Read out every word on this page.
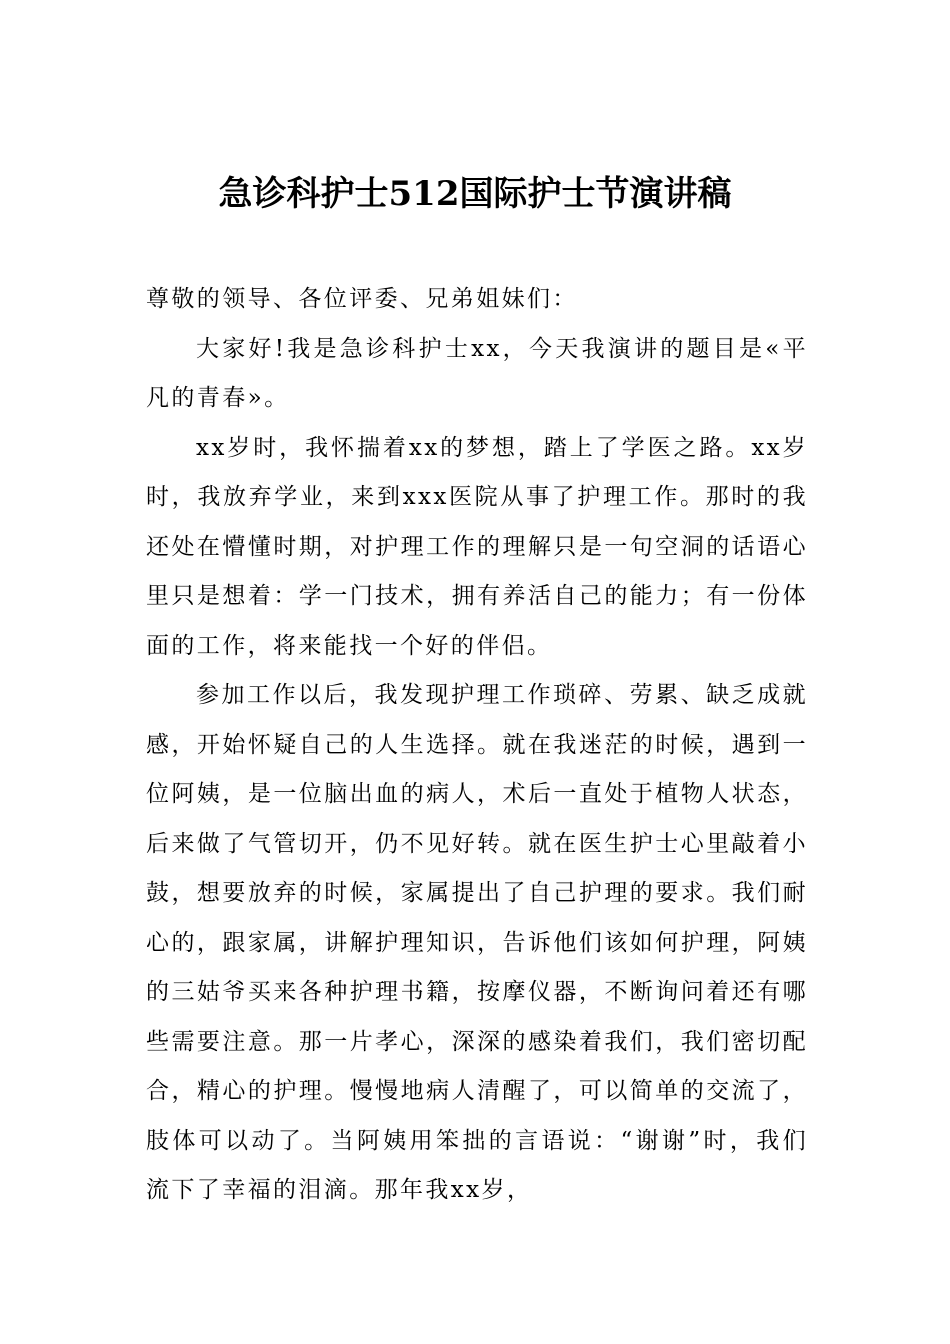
急诊科护士512国际护士节演讲稿

尊敬的领导、各位评委、兄弟姐妹们：

大家好!我是急诊科护士xx，今天我演讲的题目是«平凡的青春»。

xx岁时，我怀揣着xx的梦想，踏上了学医之路。xx岁时，我放弃学业，来到xxx医院从事了护理工作。那时的我还处在懵懂时期，对护理工作的理解只是一句空洞的话语心里只是想着：学一门技术，拥有养活自己的能力；有一份体面的工作，将来能找一个好的伴侣。

参加工作以后，我发现护理工作琐碎、劳累、缺乏成就感，开始怀疑自己的人生选择。就在我迷茫的时候，遇到一位阿姨，是一位脑出血的病人，术后一直处于植物人状态，后来做了气管切开，仍不见好转。就在医生护士心里敲着小鼓，想要放弃的时候，家属提出了自己护理的要求。我们耐心的，跟家属，讲解护理知识，告诉他们该如何护理，阿姨的三姑爷买来各种护理书籍，按摩仪器，不断询问着还有哪些需要注意。那一片孝心，深深的感染着我们，我们密切配合，精心的护理。慢慢地病人清醒了，可以简单的交流了，肢体可以动了。当阿姨用笨拙的言语说：“谢谢”时，我们流下了幸福的泪滴。那年我xx岁，
